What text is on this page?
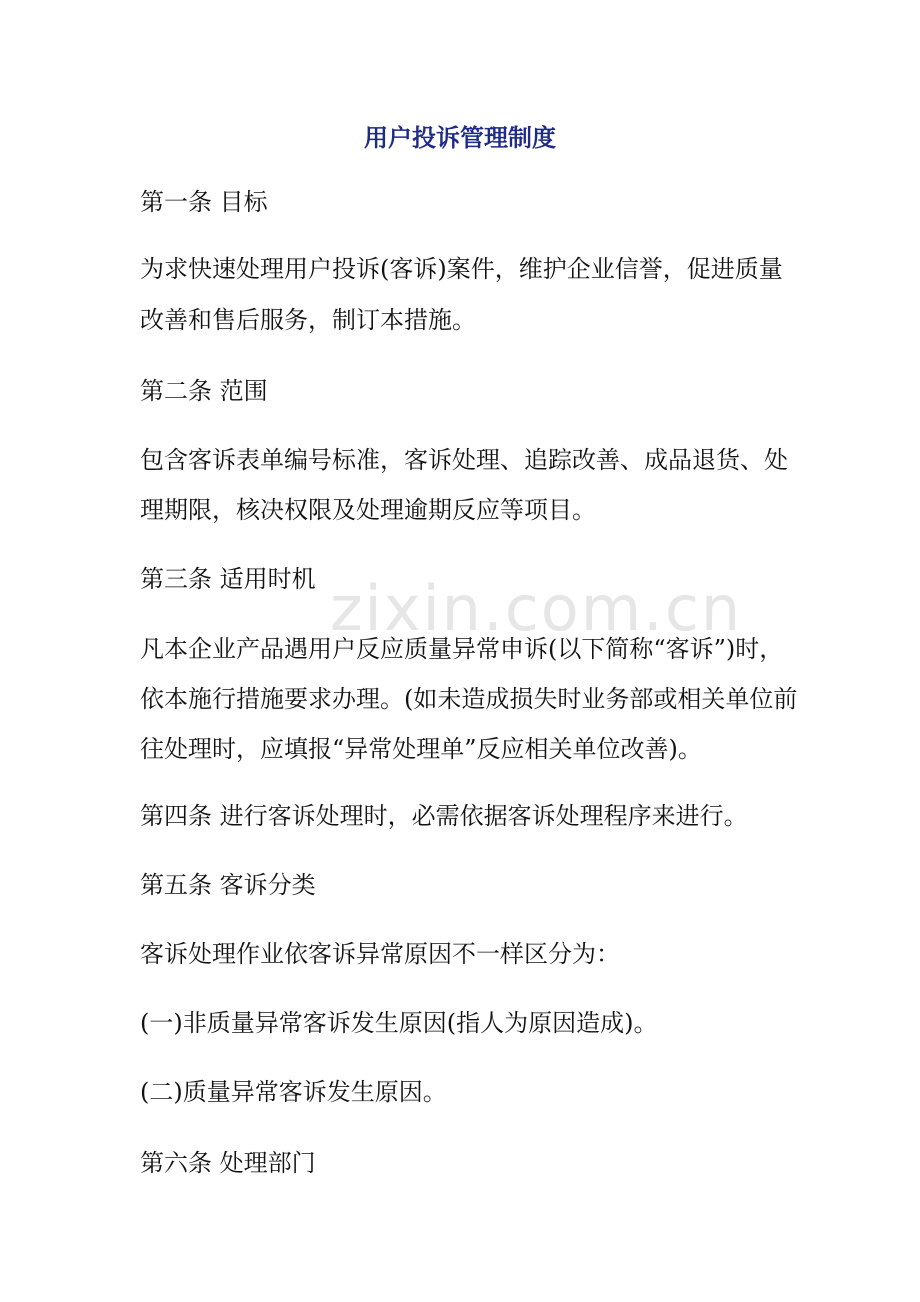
zixin.com.cn
用户投诉管理制度
第一条 目标
为求快速处理用户投诉(客诉)案件，维护企业信誉，促进质量
改善和售后服务，制订本措施。
第二条 范围
包含客诉表单编号标准，客诉处理、追踪改善、成品退货、处
理期限，核决权限及处理逾期反应等项目。
第三条 适用时机
凡本企业产品遇用户反应质量异常申诉(以下简称“客诉”)时，
依本施行措施要求办理。(如未造成损失时业务部或相关单位前
往处理时，应填报“异常处理单”反应相关单位改善)。
第四条 进行客诉处理时，必需依据客诉处理程序来进行。
第五条 客诉分类
客诉处理作业依客诉异常原因不一样区分为：
(一)非质量异常客诉发生原因(指人为原因造成)。
(二)质量异常客诉发生原因。
第六条 处理部门
